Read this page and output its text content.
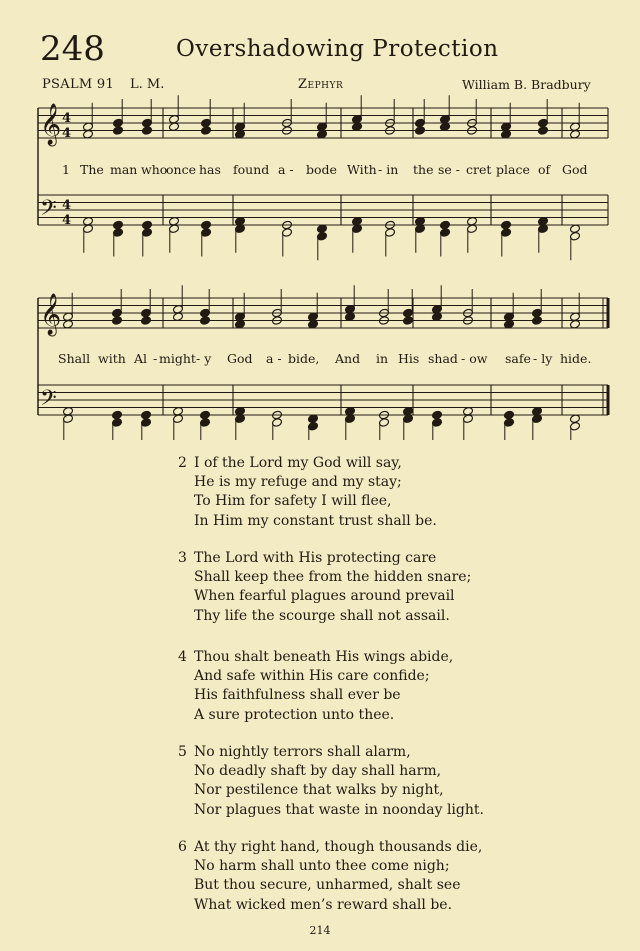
248	Overshadowing Protection
PSALM 91 L. M.	Zephyr	William B. Bradbury
𝄞 4
4
𝄢 4
4
𝄞
𝄢
1 The man who
once has found a - bode With - in the se - cret place of God
Shall with Al - might - y God a - bide, And in His shad - ow safe - ly hide.
2 I of the Lord my God will say,
He is my refuge and my stay;
To Him for safety I will flee,
In Him my constant trust shall be.
3 The Lord with His protecting care
Shall keep thee from the hidden snare;
When fearful plagues around prevail
Thy life the scourge shall not assail.
4 Thou shalt beneath His wings abide,
And safe within His care confide;
His faithfulness shall ever be
A sure protection unto thee.
5 No nightly terrors shall alarm,
No deadly shaft by day shall harm,
Nor pestilence that walks by night,
Nor plagues that waste in noonday light.
6 At thy right hand, though thousands die,
No harm shall unto thee come nigh;
But thou secure, unharmed, shalt see
What wicked men’s reward shall be.
214
